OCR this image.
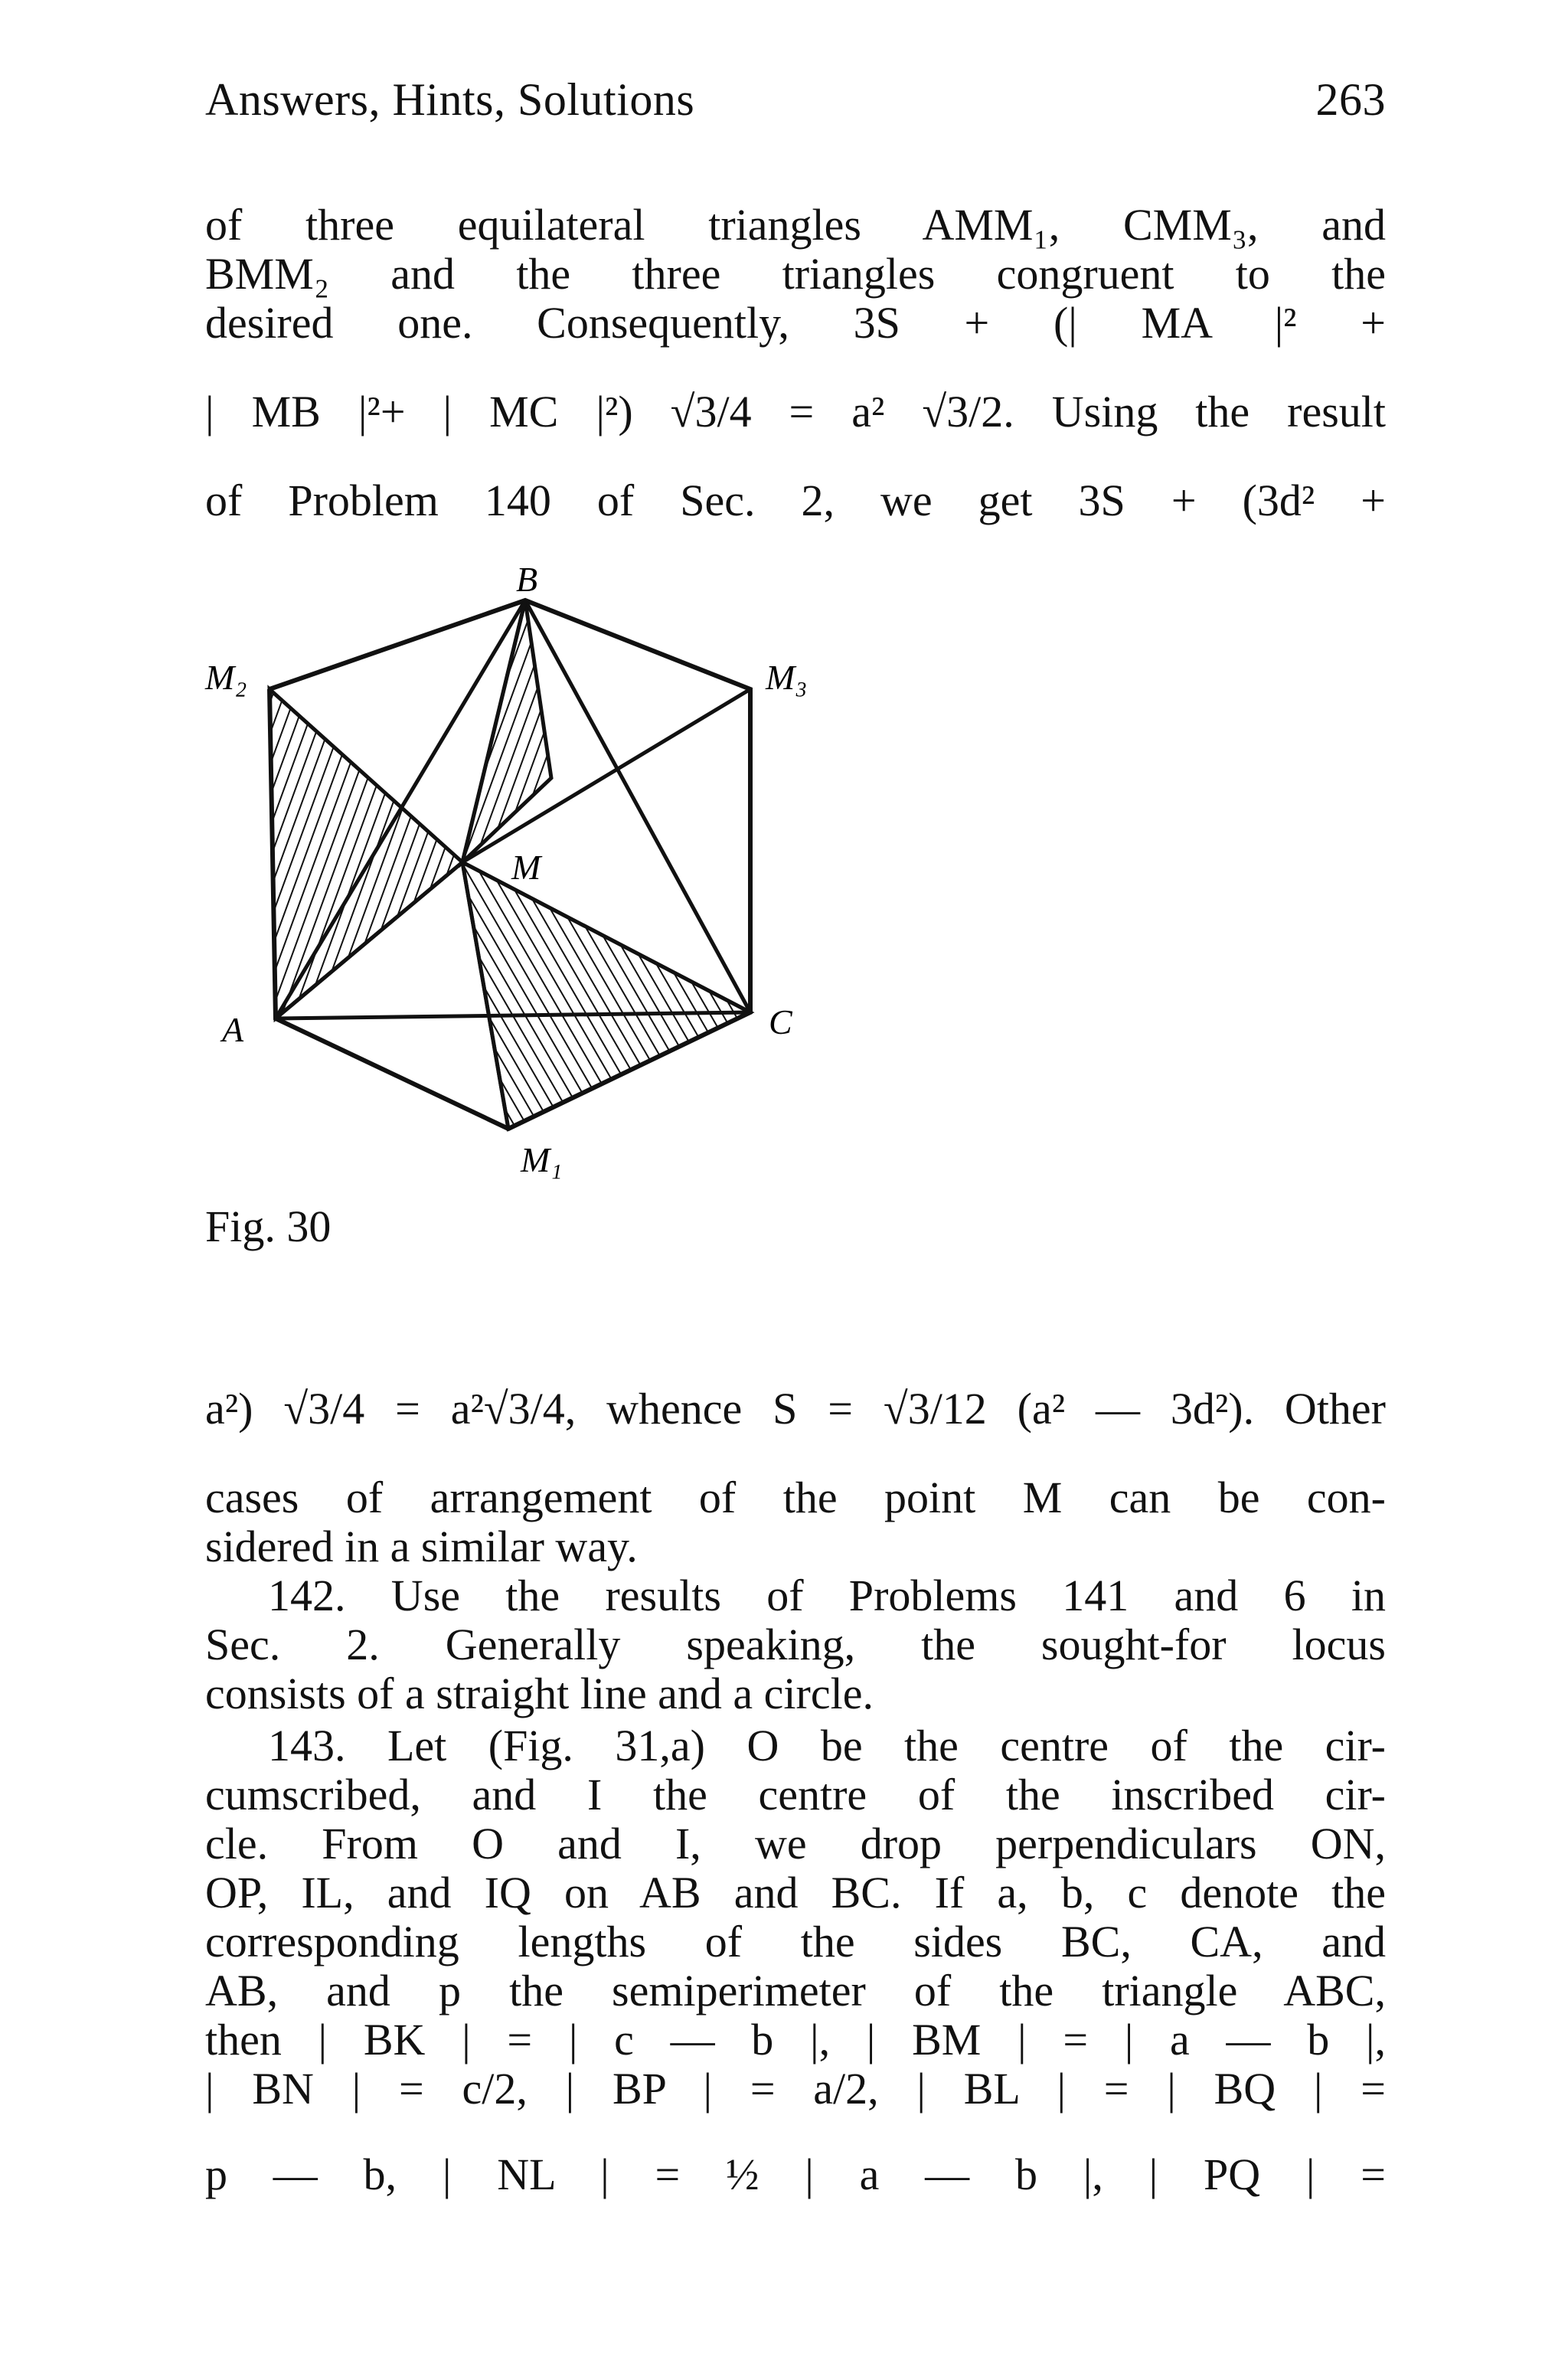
Answers, Hints, Solutions	263
of three equilateral triangles AMM₁, CMM₃, and
BMM₂ and the three triangles congruent to the
desired one. Consequently, 3S + (| MA |² +
| MB |²+ | MC |²) √3/4 = a² √3/2. Using the result
of Problem 140 of Sec. 2, we get 3S + (3d² +
B
M₂	M₃
M
A	C
M₁
Fig. 30
a²) √3/4 = a²√3/4, whence S = √3/12 (a² — 3d²). Other
cases of arrangement of the point M can be con-
sidered in a similar way.
142. Use the results of Problems 141 and 6 in
Sec. 2. Generally speaking, the sought-for locus
consists of a straight line and a circle.
143. Let (Fig. 31,a) O be the centre of the cir-
cumscribed, and I the centre of the inscribed cir-
cle. From O and I, we drop perpendiculars ON,
OP, IL, and IQ on AB and BC. If a, b, c denote the
corresponding lengths of the sides BC, CA, and
AB, and p the semiperimeter of the triangle ABC,
then | BK | = | c — b |, | BM | = | a — b |,
| BN | = c/2, | BP | = a/2, | BL | = | BQ | =
p — b, | NL | = ½ | a — b |, | PQ | =
